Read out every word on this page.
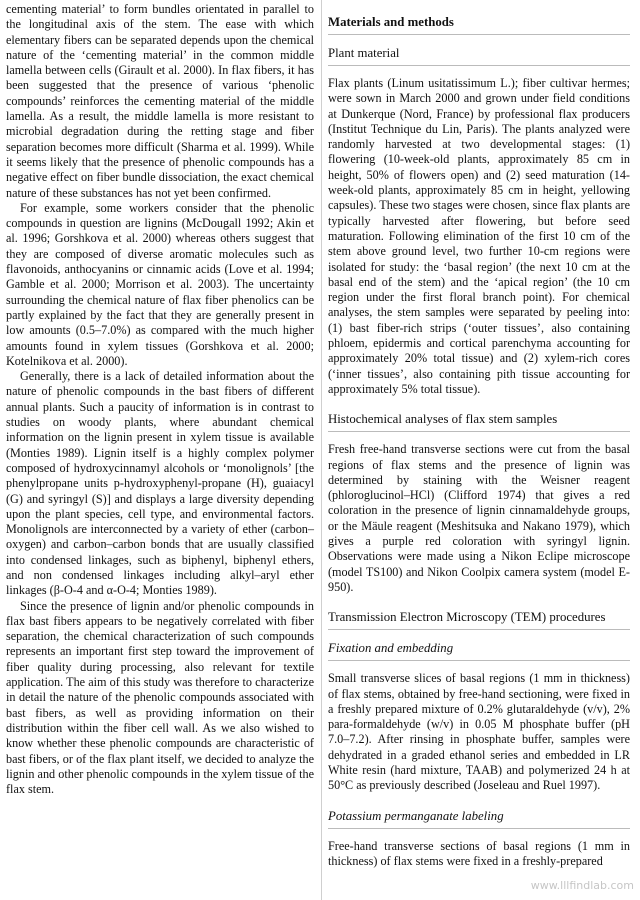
cementing material’ to form bundles orientated in parallel to the longitudinal axis of the stem. The ease with which elementary fibers can be separated depends upon the chemical nature of the ‘cementing material’ in the common middle lamella between cells (Girault et al. 2000). In flax fibers, it has been suggested that the presence of various ‘phenolic compounds’ reinforces the cementing material of the middle lamella. As a result, the middle lamella is more resistant to microbial degradation during the retting stage and fiber separation becomes more difficult (Sharma et al. 1999). While it seems likely that the presence of phenolic compounds has a negative effect on fiber bundle dissociation, the exact chemical nature of these substances has not yet been confirmed.

For example, some workers consider that the phenolic compounds in question are lignins (McDougall 1992; Akin et al. 1996; Gorshkova et al. 2000) whereas others suggest that they are composed of diverse aromatic molecules such as flavonoids, anthocyanins or cinnamic acids (Love et al. 1994; Gamble et al. 2000; Morrison et al. 2003). The uncertainty surrounding the chemical nature of flax fiber phenolics can be partly explained by the fact that they are generally present in low amounts (0.5–7.0%) as compared with the much higher amounts found in xylem tissues (Gorshkova et al. 2000; Kotelnikova et al. 2000).

Generally, there is a lack of detailed information about the nature of phenolic compounds in the bast fibers of different annual plants. Such a paucity of information is in contrast to studies on woody plants, where abundant chemical information on the lignin present in xylem tissue is available (Monties 1989). Lignin itself is a highly complex polymer composed of hydroxycinnamyl alcohols or ‘monolignols’ [the phenylpropane units p-hydroxyphenyl-propane (H), guaiacyl (G) and syringyl (S)] and displays a large diversity depending upon the plant species, cell type, and environmental factors. Monolignols are interconnected by a variety of ether (carbon–oxygen) and carbon–carbon bonds that are usually classified into condensed linkages, such as biphenyl, biphenyl ethers, and non condensed linkages including alkyl–aryl ether linkages (β-O-4 and α-O-4; Monties 1989).

Since the presence of lignin and/or phenolic compounds in flax bast fibers appears to be negatively correlated with fiber separation, the chemical characterization of such compounds represents an important first step toward the improvement of fiber quality during processing, also relevant for textile application. The aim of this study was therefore to characterize in detail the nature of the phenolic compounds associated with bast fibers, as well as providing information on their distribution within the fiber cell wall. As we also wished to know whether these phenolic compounds are characteristic of bast fibers, or of the flax plant itself, we decided to analyze the lignin and other phenolic compounds in the xylem tissue of the flax stem.

Materials and methods
Plant material

Flax plants (Linum usitatissimum L.); fiber cultivar hermes; were sown in March 2000 and grown under field conditions at Dunkerque (Nord, France) by professional flax producers (Institut Technique du Lin, Paris). The plants analyzed were randomly harvested at two developmental stages: (1) flowering (10-week-old plants, approximately 85 cm in height, 50% of flowers open) and (2) seed maturation (14-week-old plants, approximately 85 cm in height, yellowing capsules). These two stages were chosen, since flax plants are typically harvested after flowering, but before seed maturation. Following elimination of the first 10 cm of the stem above ground level, two further 10-cm regions were isolated for study: the ‘basal region’ (the next 10 cm at the basal end of the stem) and the ‘apical region’ (the 10 cm region under the first floral branch point). For chemical analyses, the stem samples were separated by peeling into: (1) bast fiber-rich strips (‘outer tissues’, also containing phloem, epidermis and cortical parenchyma accounting for approximately 20% total tissue) and (2) xylem-rich cores (‘inner tissues’, also containing pith tissue accounting for approximately 5% total tissue).

Histochemical analyses of flax stem samples

Fresh free-hand transverse sections were cut from the basal regions of flax stems and the presence of lignin was determined by staining with the Weisner reagent (phloroglucinol–HCl) (Clifford 1974) that gives a red coloration in the presence of lignin cinnamaldehyde groups, or the Mäule reagent (Meshitsuka and Nakano 1979), which gives a purple red coloration with syringyl lignin. Observations were made using a Nikon Eclipe microscope (model TS100) and Nikon Coolpix camera system (model E-950).

Transmission Electron Microscopy (TEM) procedures
Fixation and embedding

Small transverse slices of basal regions (1 mm in thickness) of flax stems, obtained by free-hand sectioning, were fixed in a freshly prepared mixture of 0.2% glutaraldehyde (v/v), 2% para-formaldehyde (w/v) in 0.05 M phosphate buffer (pH 7.0–7.2). After rinsing in phosphate buffer, samples were dehydrated in a graded ethanol series and embedded in LR White resin (hard mixture, TAAB) and polymerized 24 h at 50°C as previously described (Joseleau and Ruel 1997).

Potassium permanganate labeling

Free-hand transverse sections of basal regions (1 mm in thickness) of flax stems were fixed in a freshly-prepared

www.lllfindlab.com
